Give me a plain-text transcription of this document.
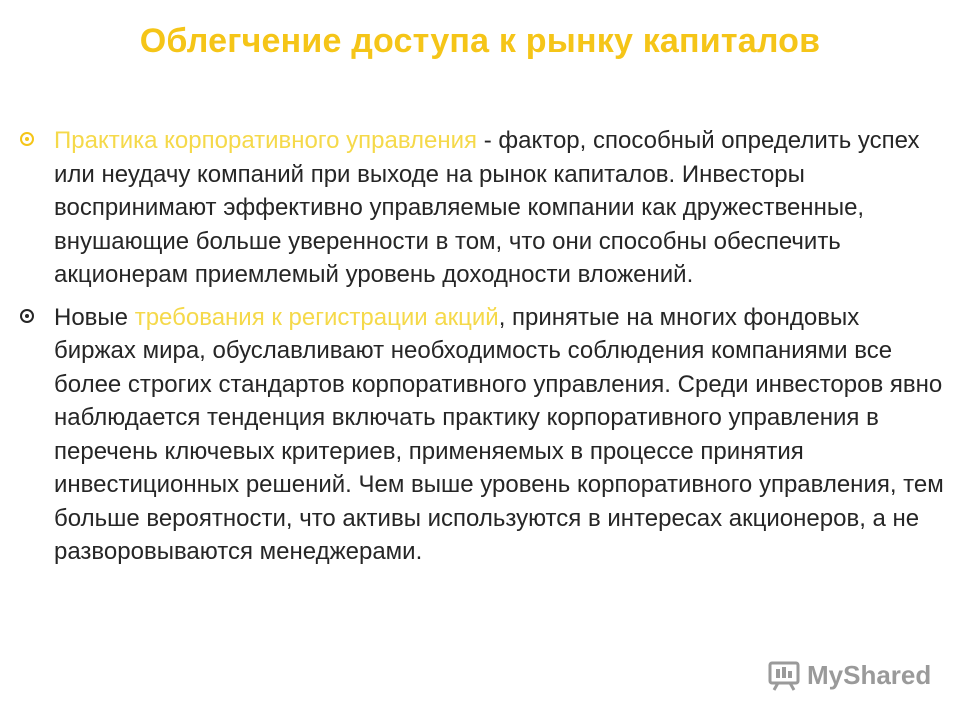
Облегчение доступа к рынку капиталов
Практика корпоративного управления - фактор, способный определить успех или неудачу компаний при выходе на рынок капиталов. Инвесторы воспринимают эффективно управляемые компании как дружественные, внушающие больше уверенности в том, что они способны обеспечить акционерам приемлемый уровень доходности вложений.
Новые требования к регистрации акций, принятые на многих фондовых биржах мира, обуславливают необходимость соблюдения компаниями все более строгих стандартов корпоративного управления. Среди инвесторов явно наблюдается тенденция включать практику корпоративного управления в перечень ключевых критериев, применяемых в процессе принятия инвестиционных решений. Чем выше уровень корпоративного управления, тем больше вероятности, что активы используются в интересах акционеров, а не разворовываются менеджерами.
MyShared
